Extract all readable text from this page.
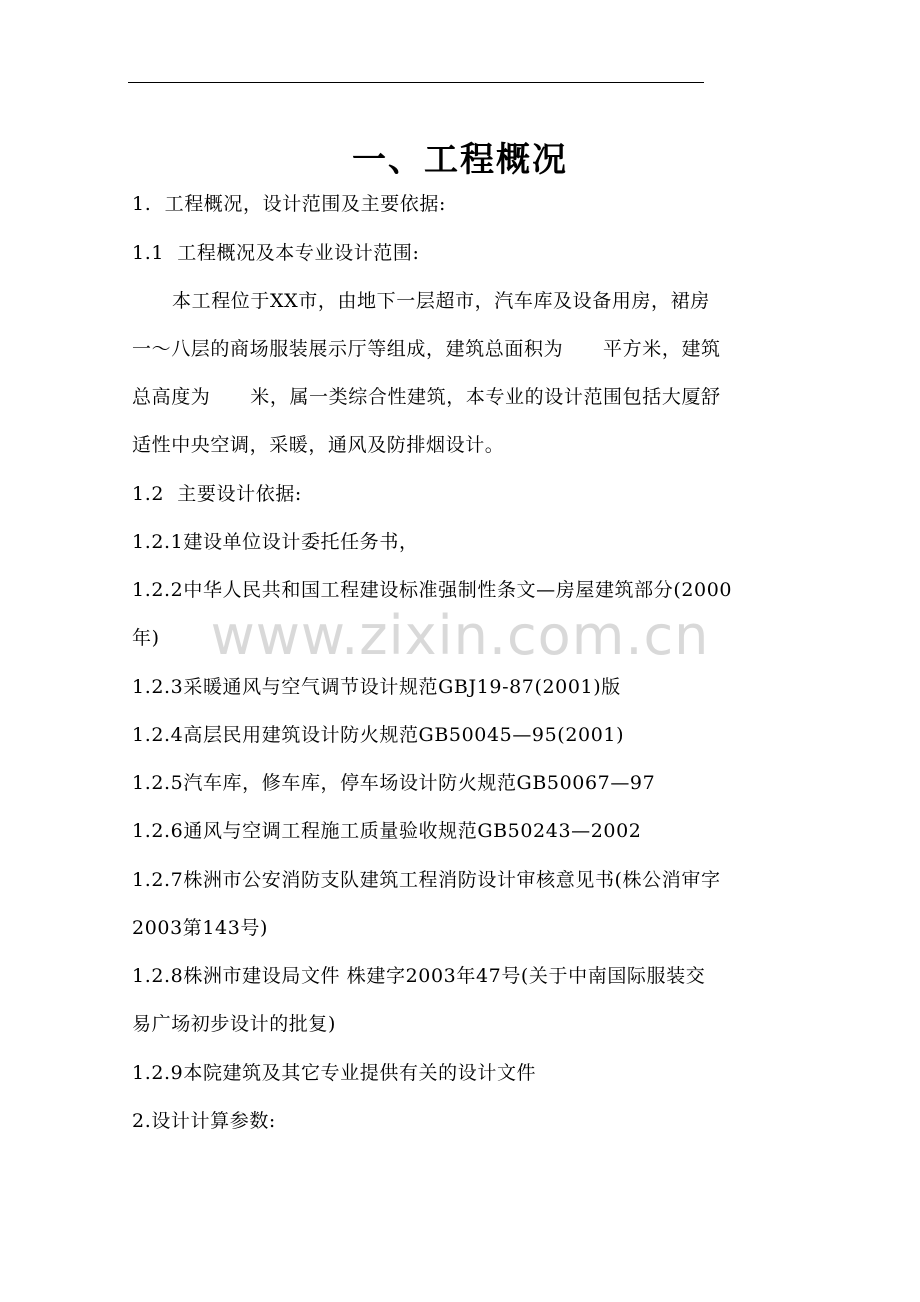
一、工程概况
1.  工程概况，设计范围及主要依据:
1.1  工程概况及本专业设计范围:
本工程位于XX市，由地下一层超市，汽车库及设备用房，裙房
一～八层的商场服装展示厅等组成，建筑总面积为      平方米，建筑
总高度为      米，属一类综合性建筑，本专业的设计范围包括大厦舒
适性中央空调，采暖，通风及防排烟设计。
1.2  主要设计依据:
1.2.1建设单位设计委托任务书，
1.2.2中华人民共和国工程建设标准强制性条文—房屋建筑部分(2000
年)
1.2.3采暖通风与空气调节设计规范GBJ19-87(2001)版
1.2.4高层民用建筑设计防火规范GB50045—95(2001)
1.2.5汽车库，修车库，停车场设计防火规范GB50067—97
1.2.6通风与空调工程施工质量验收规范GB50243—2002
1.2.7株洲市公安消防支队建筑工程消防设计审核意见书(株公消审字
2003第143号)
1.2.8株洲市建设局文件 株建字2003年47号(关于中南国际服装交
易广场初步设计的批复)
1.2.9本院建筑及其它专业提供有关的设计文件
2.设计计算参数:
www.zixin.com.cn
